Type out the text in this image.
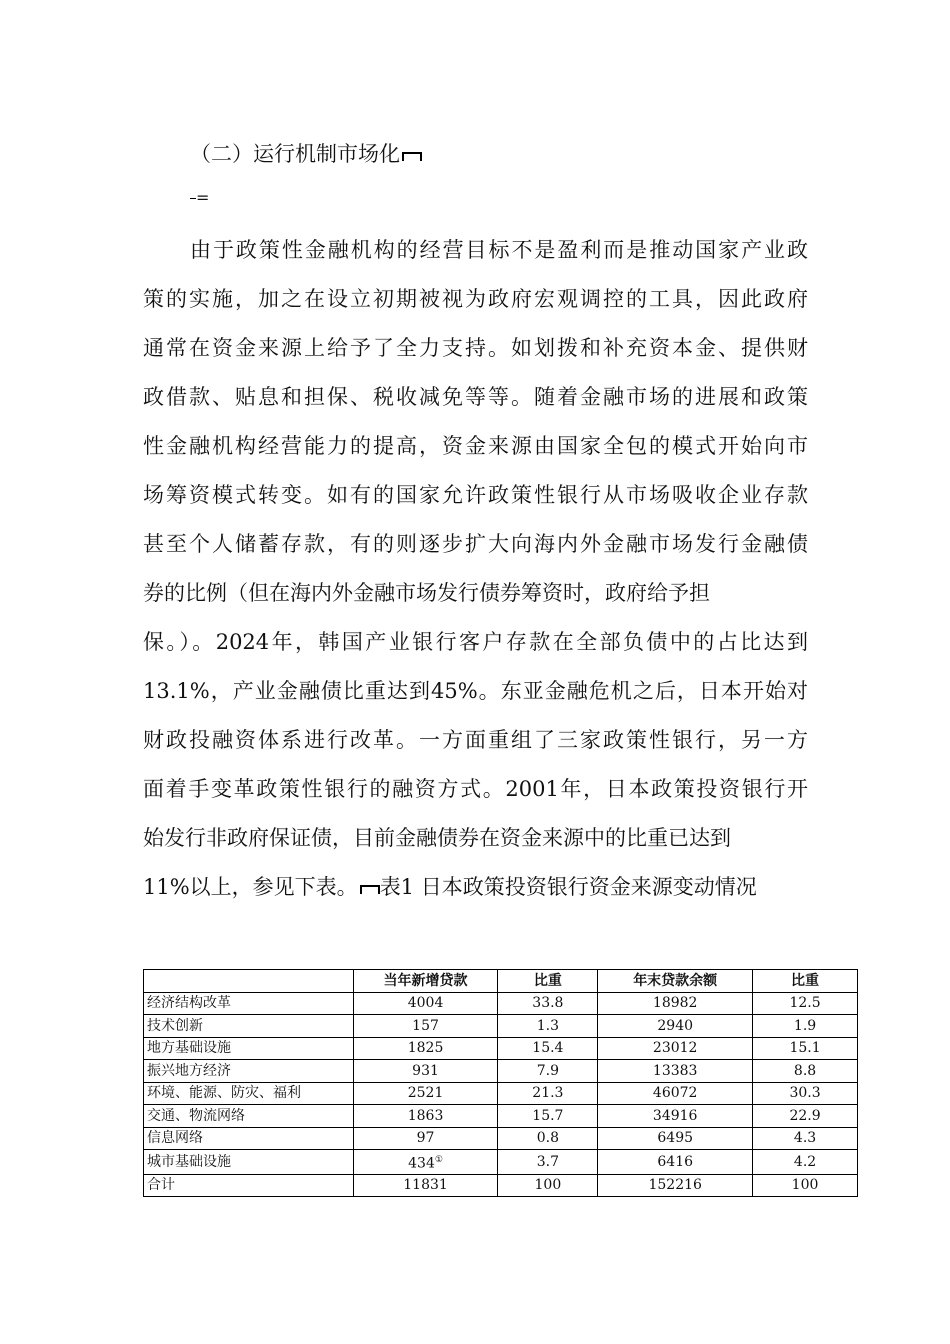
（二）运行机制市场化
=
由于政策性金融机构的经营目标不是盈利而是推动国家产业政
策的实施，加之在设立初期被视为政府宏观调控的工具，因此政府
通常在资金来源上给予了全力支持。如划拨和补充资本金、提供财
政借款、贴息和担保、税收减免等等。随着金融市场的进展和政策
性金融机构经营能力的提高，资金来源由国家全包的模式开始向市
场筹资模式转变。如有的国家允许政策性银行从市场吸收企业存款
甚至个人储蓄存款，有的则逐步扩大向海内外金融市场发行金融债
券的比例（但在海内外金融市场发行债券筹资时，政府给予担
保。）。2024年，韩国产业银行客户存款在全部负债中的占比达到
13.1%，产业金融债比重达到45%。东亚金融危机之后，日本开始对
财政投融资体系进行改革。一方面重组了三家政策性银行，另一方
面着手变革政策性银行的融资方式。2001年，日本政策投资银行开
始发行非政府保证债，目前金融债券在资金来源中的比重已达到
11%以上，参见下表。 表1 日本政策投资银行资金来源变动情况
	当年新增贷款	比重	年末贷款余额	比重
经济结构改革	4004	33.8	18982	12.5
技术创新	157	1.3	2940	1.9
地方基础设施	1825	15.4	23012	15.1
振兴地方经济	931	7.9	13383	8.8
环境、能源、防灾、福利	2521	21.3	46072	30.3
交通、物流网络	1863	15.7	34916	22.9
信息网络	97	0.8	6495	4.3
城市基础设施	434①	3.7	6416	4.2
合计	11831	100	152216	100
